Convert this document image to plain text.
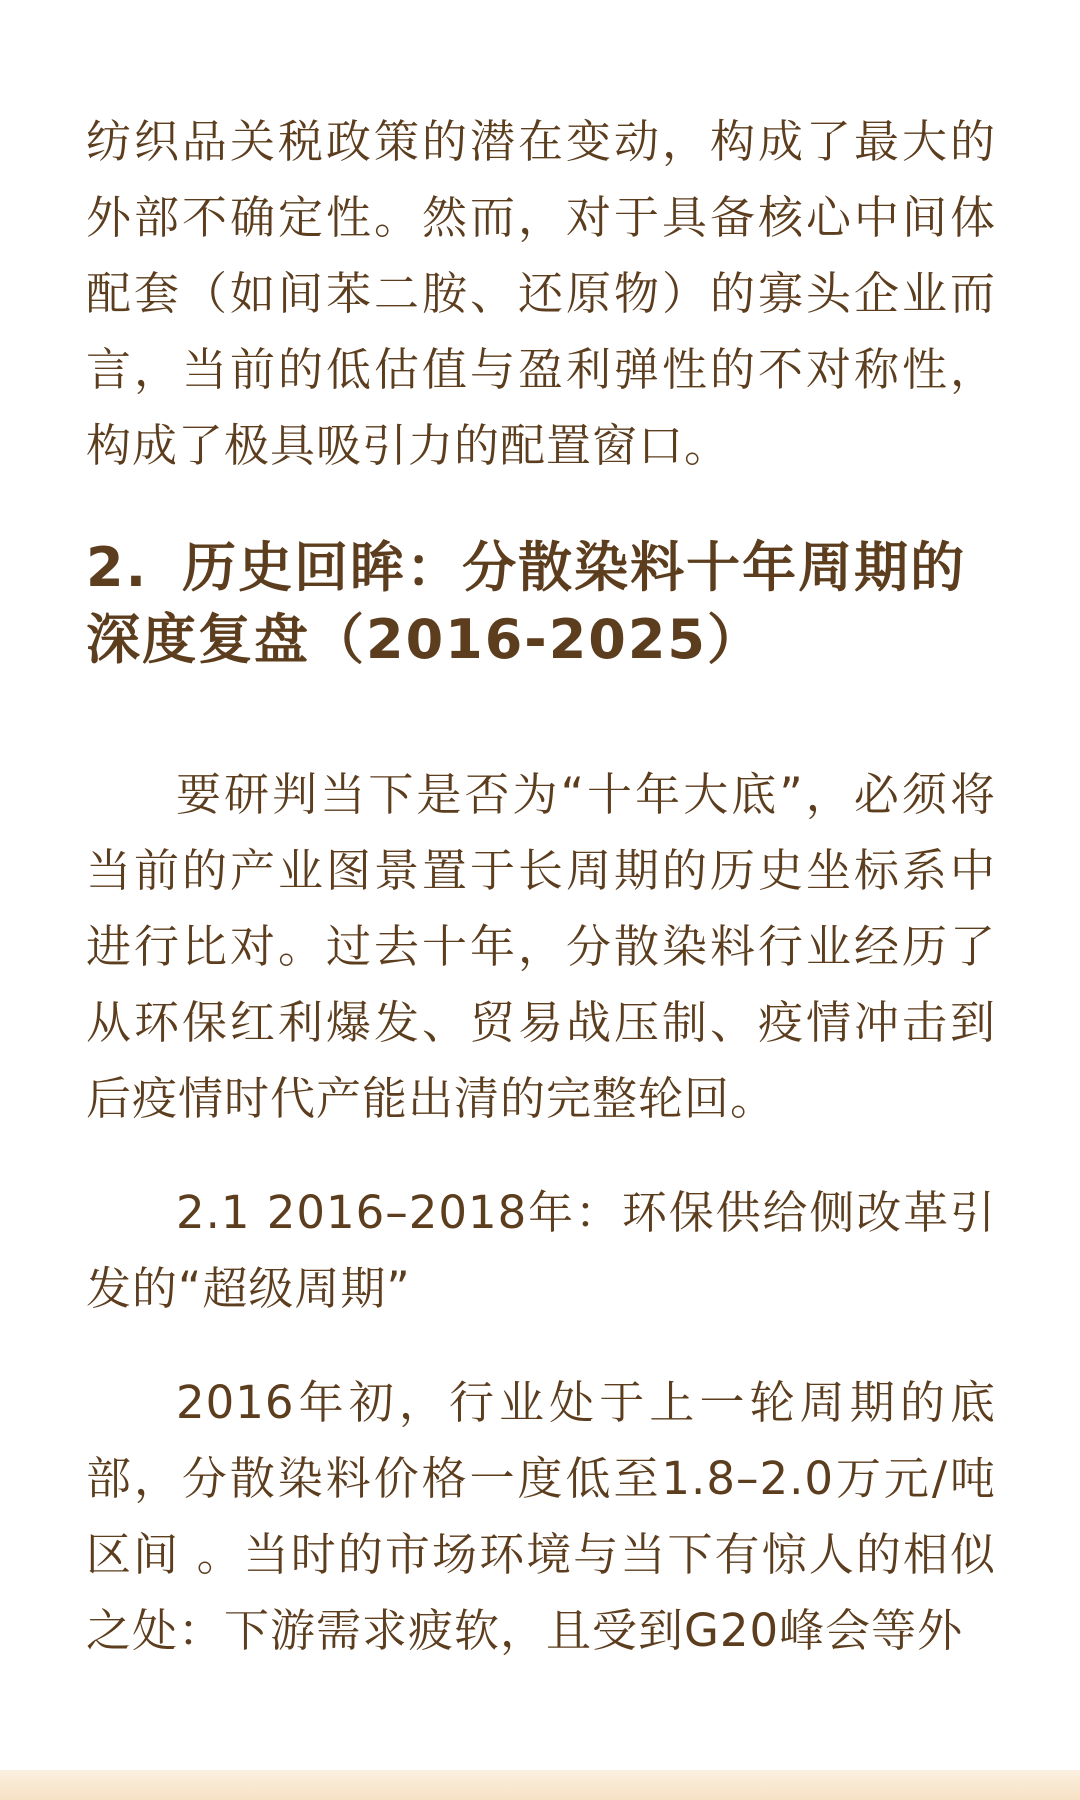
纺织品关税政策的潜在变动，构成了最大的外部不确定性。然而，对于具备核心中间体配套（如间苯二胺、还原物）的寡头企业而言，当前的低估值与盈利弹性的不对称性，构成了极具吸引力的配置窗口。

2. 历史回眸：分散染料十年周期的深度复盘（2016-2025）

要研判当下是否为“十年大底”，必须将当前的产业图景置于长周期的历史坐标系中进行比对。过去十年，分散染料行业经历了从环保红利爆发、贸易战压制、疫情冲击到后疫情时代产能出清的完整轮回。

2.1 2016–2018年：环保供给侧改革引发的“超级周期”

2016年初，行业处于上一轮周期的底部，分散染料价格一度低至1.8–2.0万元/吨区间 。当时的市场环境与当下有惊人的相似之处：下游需求疲软，且受到G20峰会等外
